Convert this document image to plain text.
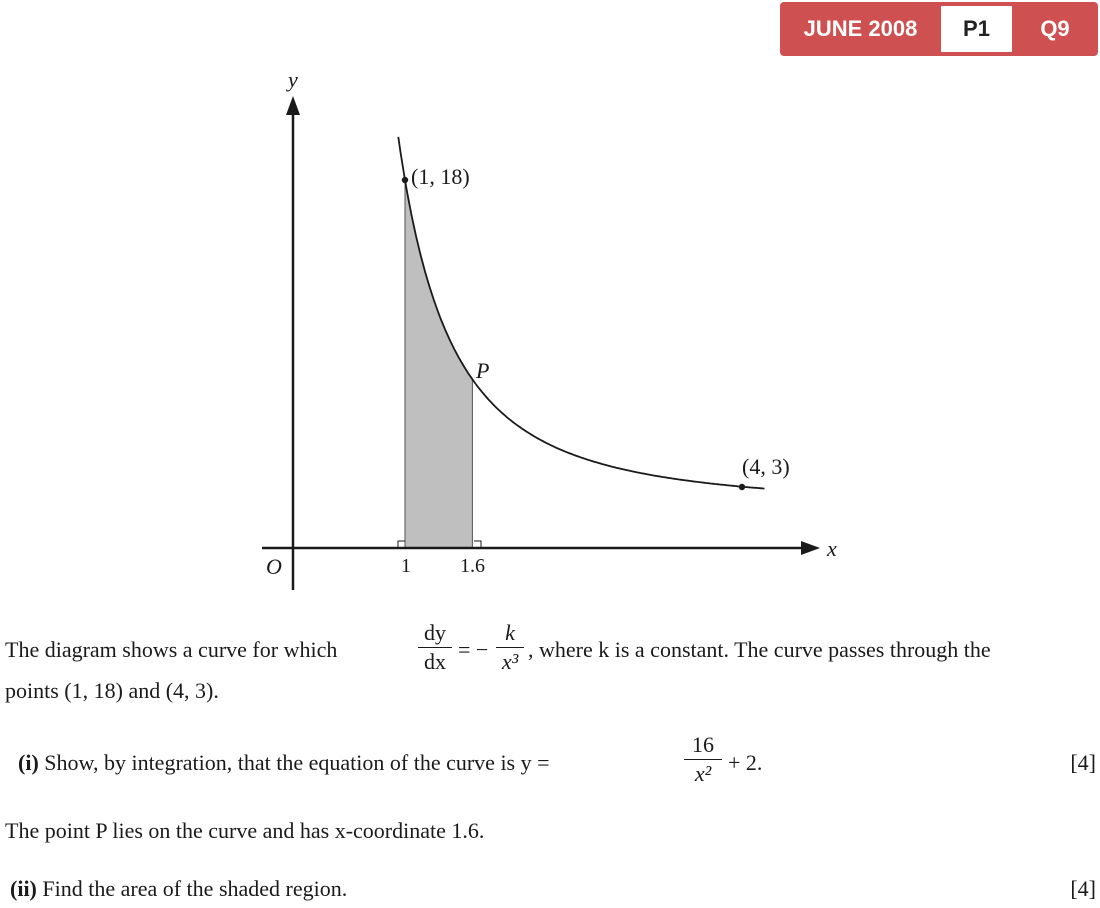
JUNE 2008	P1	Q9
y
x
O	1 1.6
(1, 18)
(4, 3)
P
The diagram shows a curve for which
dy
dx = −
k
x³ , where k is a constant. The curve passes through the
points (1, 18) and (4, 3).
(i) Show, by integration, that the equation of the curve is y =
16
x² + 2.	[4]
The point P lies on the curve and has x-coordinate 1.6.
(ii) Find the area of the shaded region.	[4]
